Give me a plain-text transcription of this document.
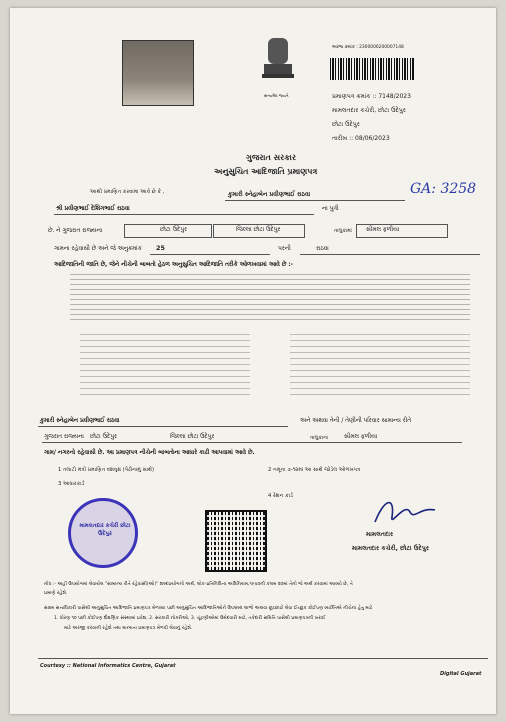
સત્યમેવ જયતે
અરજ ક્રમાંક : 2300006200007148
પ્રમાણપત્ર ક્રમાંક :: 7148/2023
મામલતદાર કચેરી, છોટા ઉદેપુર
છોટા ઉદેપુર
તારીખ :: 08/06/2023
ગુજરાત સરકાર
અનુસુચિત આદિજાતિ પ્રમાણપત્ર
GA: 3258
આથી પ્રમાણિત કરવામાં આવે છે કે ,	કુમારી સ્નેહાબેન પ્રવીણભાઈ રાઠવા
શ્રી પ્રવીણભાઈ દેશિંગભાઈ રાઠવા	ના પુત્રી
છે. ને ગુજરાત રાજ્યના	છોટા ઉદેપુર	જિલ્લા છોટા ઉદેપુર	તાલુકામાં સીમલ ફળીયા
ગામના રહેવાસી છે અને જે અનુક્રમાંક 25	પરની	રાઠવા
આદિજાતિની જાતિ છે, જેને નીચેની બાબતો હેઠળ અનુસુચિત આદિજાતિ તરીકે ઓળખવામાં આવે છે :-
કુમારી સ્નેહાબેન પ્રવીણભાઈ રાઠવા	અને અથવા તેની / તેણીની પરિવાર સામાન્ય રીતે
ગુજરાત રાજ્યના છોટા ઉદેપુર	જિલ્લા છોટા ઉદેપુર	તાલુકાના	સીમલ ફળીયા
ગામ/ નગરનો રહેવાસી છે. આ પ્રમાણપત્ર નીચેની બાબતોના આધારે કાઢી આપવામાં આવે છે.
1 તલાટી મંત્રી પ્રમાણિત વંશવૃક્ષ (પેઢીનામું સાથે)	2 નમૂના ૭-૧૨માં આ સાથે જોડેલ ઓળખપત્ર
3 આધારકાર્ડ
4 રેશન કાર્ડ
મામલતદાર કચેરી છોટા ઉદેપુર	મામલતદાર
મામલતદાર કચેરી, છોટા ઉદેપુર
નોંધ :- અહીં ઉપયોગમાં લેવાયેલ "સામાન્ય રીતે રહેવાસી(ઓ)" શબ્દપ્રયોગનો અર્થ, લોક-પ્રતિનિધિત્વ અધિનિયમ,૧૯૫૦ની કલમ ૨૦માં તેનો જે અર્થ કરવામાં આવ્યો છે, તે
પ્રમાણે રહેશે.
સક્ષમ સત્તાધિકારી પાસેથી અનુસુચિત આદિજાતિ પ્રમાણપત્ર મેળવ્યા પછી અનુસુચિત આદિજાતિઓને ઉપલબ્ધ લાભો અથવા છૂટછાટો લેવા ઈચ્છુક કોઈપણ વ્યક્તિએ નીચેના હેતુ માટે
1. ધોરણ ૧૦ પછી કોઈપણ શૈક્ષણિક સંસ્થામાં પ્રવેશ, 2. સરકારી નોકરીઓ, 3. ચૂંટણીઓમાં ઉમેદવારી માટે, તકેદારી સમિતિ પાસેથી પ્રમાણપત્રની ખરાઈ
માટે અરજી કરવાની રહેશે તથા માન્યતા પ્રમાણપત્ર મેળવી લેવાનું રહેશે.
Courtesy :: National Informatics Centre, Gujarat
Digital Gujarat
